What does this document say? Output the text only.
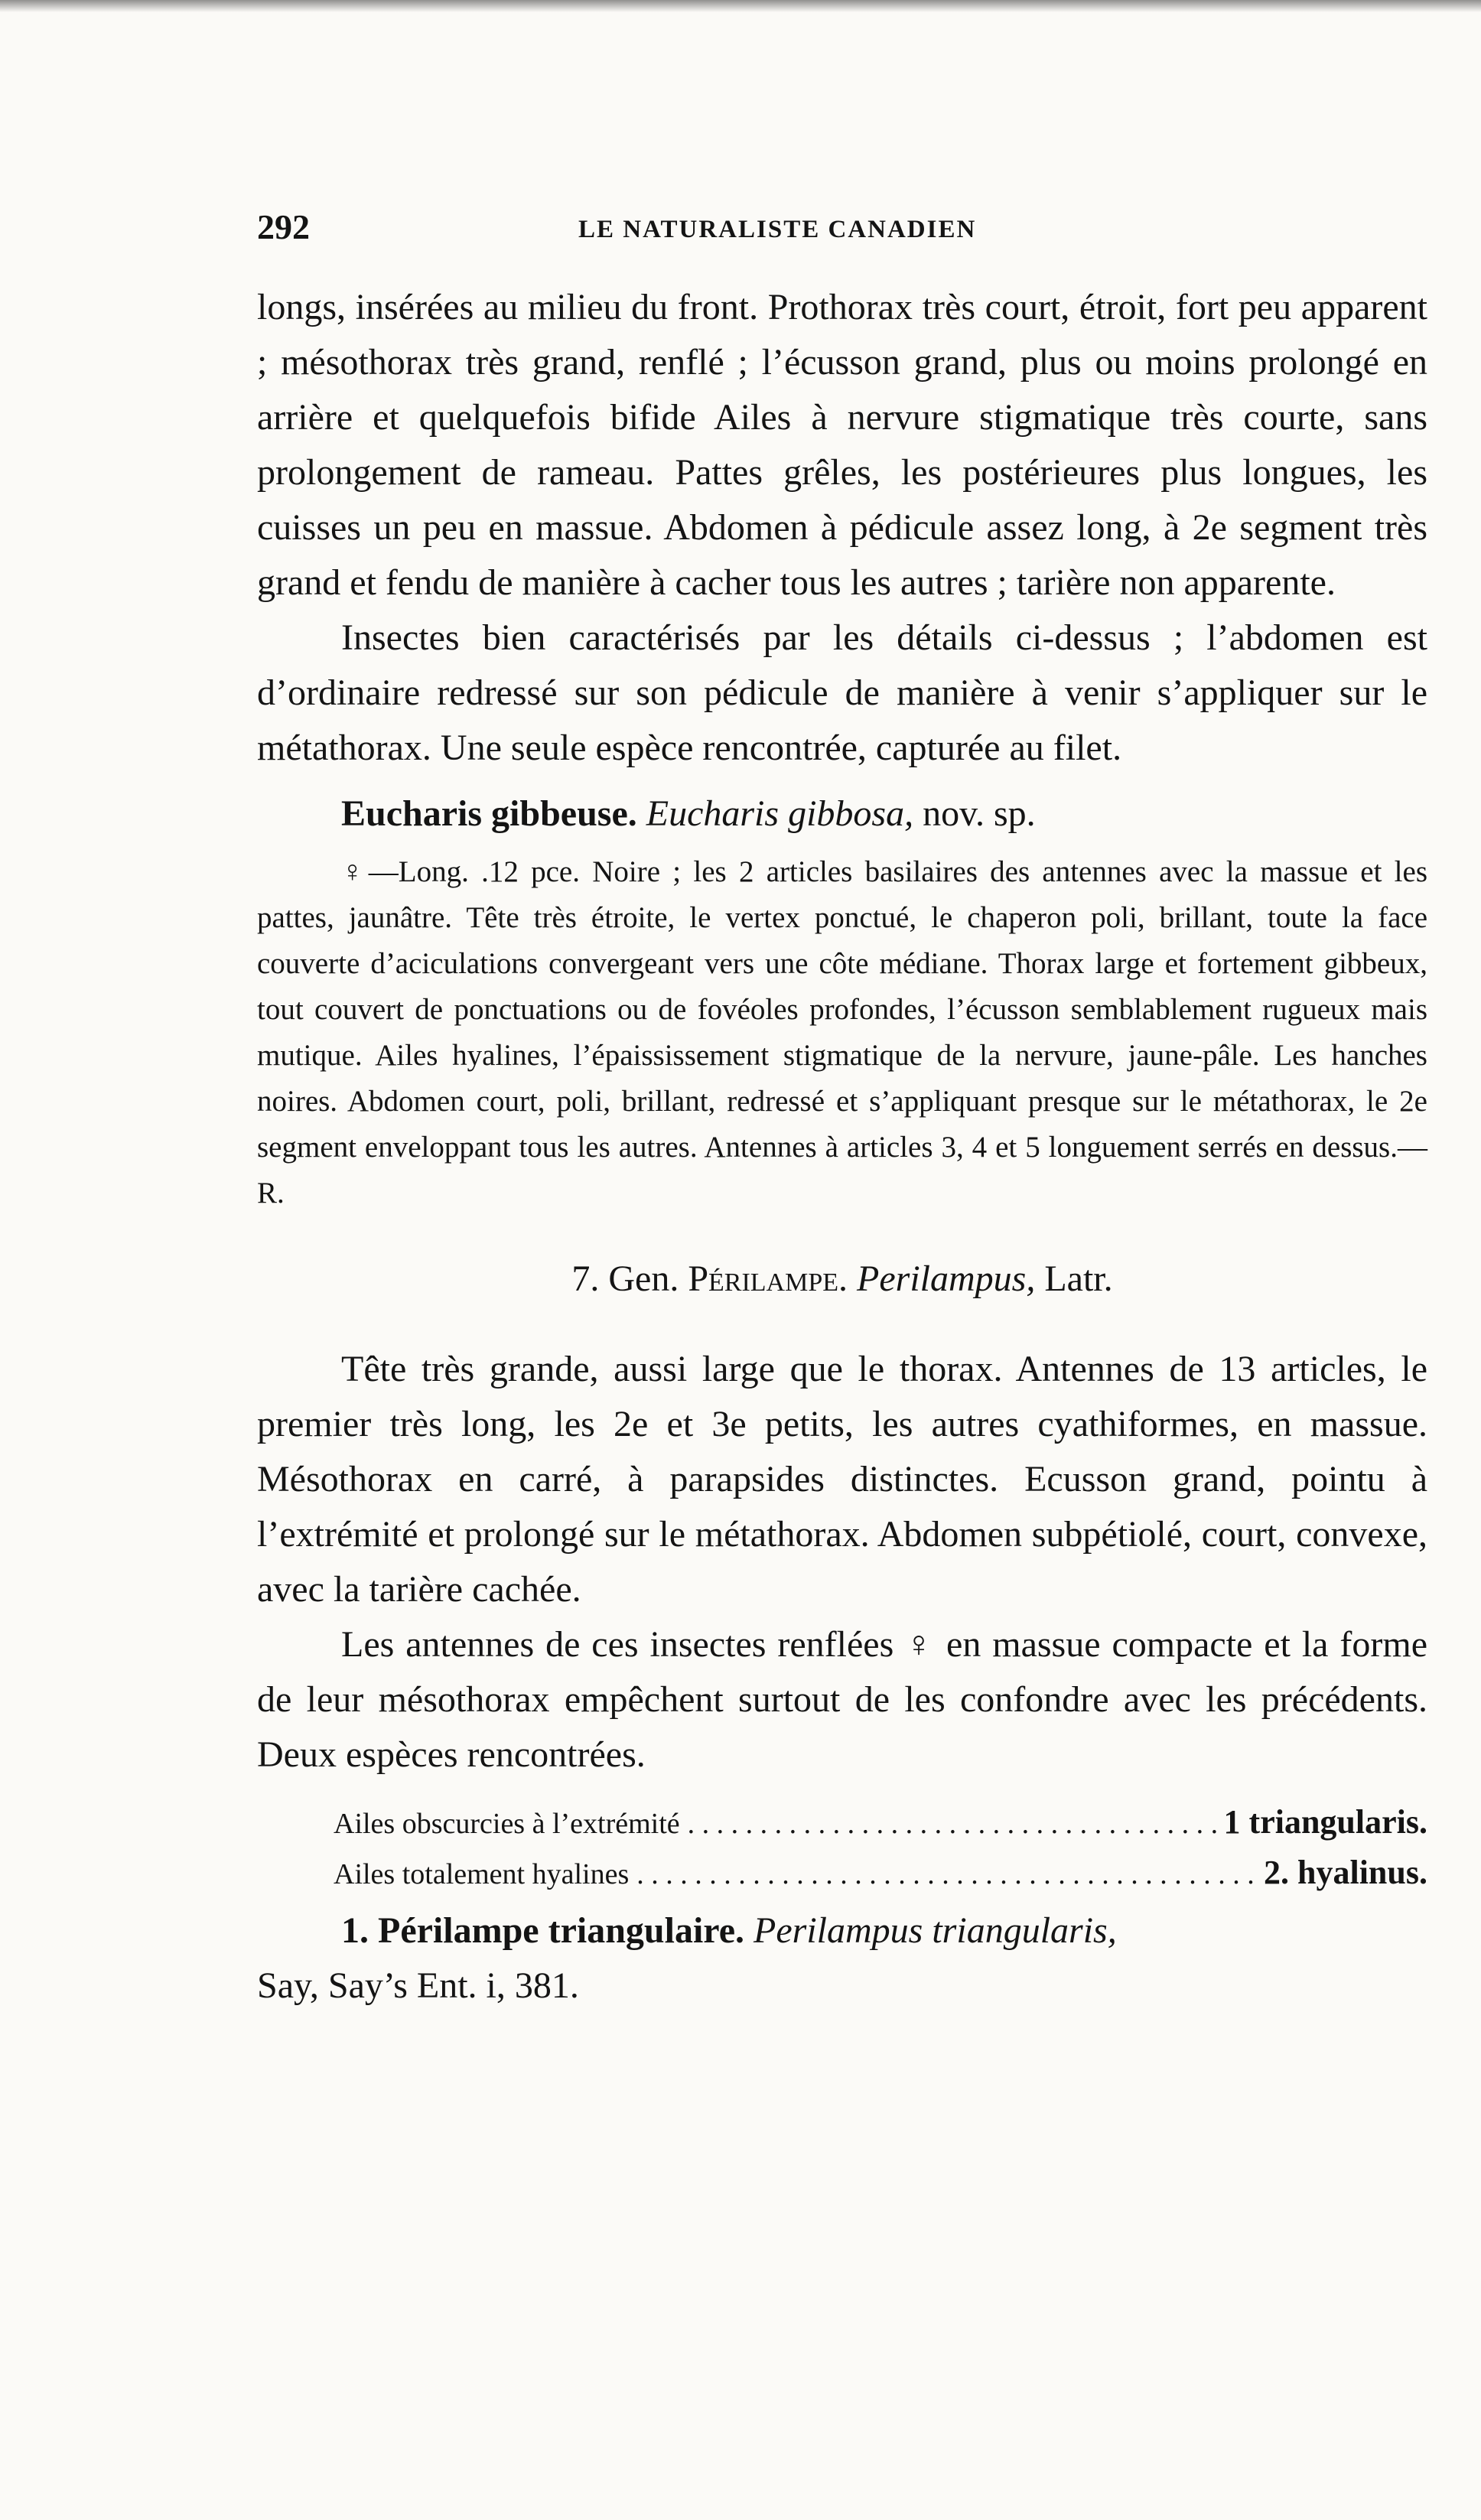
292	LE NATURALISTE CANADIEN

longs, insérées au milieu du front. Prothorax très court, étroit, fort peu apparent ; mésothorax très grand, renflé ; l’écusson grand, plus ou moins prolongé en arrière et quelquefois bifide Ailes à nervure stigmatique très courte, sans prolongement de rameau. Pattes grêles, les postérieures plus longues, les cuisses un peu en massue. Abdomen à pédicule assez long, à 2e segment très grand et fendu de manière à cacher tous les autres ; tarière non apparente.

Insectes bien caractérisés par les détails ci-dessus ; l’abdomen est d’ordinaire redressé sur son pédicule de manière à venir s’appliquer sur le métathorax. Une seule espèce rencontrée, capturée au filet.

Eucharis gibbeuse. Eucharis gibbosa, nov. sp.

♀—Long. .12 pce. Noire ; les 2 articles basilaires des antennes avec la massue et les pattes, jaunâtre. Tête très étroite, le vertex ponctué, le chaperon poli, brillant, toute la face couverte d’aciculations convergeant vers une côte médiane. Thorax large et fortement gibbeux, tout couvert de ponctuations ou de fovéoles profondes, l’écusson semblablement rugueux mais mutique. Ailes hyalines, l’épaississement stigmatique de la nervure, jaune-pâle. Les hanches noires. Abdomen court, poli, brillant, redressé et s’appliquant presque sur le métathorax, le 2e segment enveloppant tous les autres. Antennes à articles 3, 4 et 5 longuement serrés en dessus.—R.

7. Gen. Périlampe. Perilampus, Latr.

Tête très grande, aussi large que le thorax. Antennes de 13 articles, le premier très long, les 2e et 3e petits, les autres cyathiformes, en massue. Mésothorax en carré, à parapsides distinctes. Ecusson grand, pointu à l’extrémité et prolongé sur le métathorax. Abdomen subpétiolé, court, convexe, avec la tarière cachée.

Les antennes de ces insectes renflées ♀ en massue compacte et la forme de leur mésothorax empêchent surtout de les confondre avec les précédents. Deux espèces rencontrées.

Ailes obscurcies à l’extrémité . . .	1 triangularis.
Ailes totalement hyalines . . .	2. hyalinus.

1. Périlampe triangulaire. Perilampus triangularis,

Say, Say’s Ent. i, 381.
